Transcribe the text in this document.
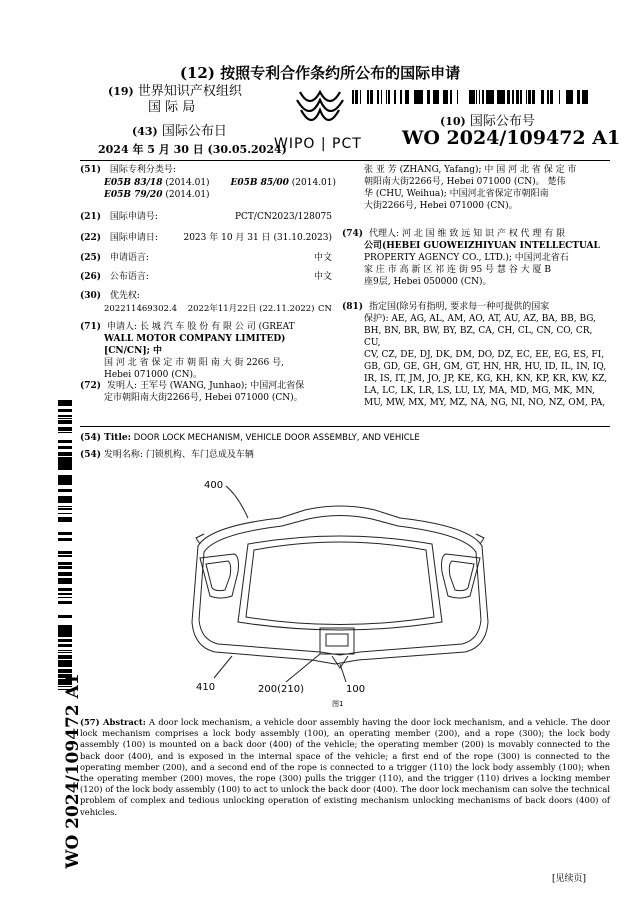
(12) 按照专利合作条约所公布的国际申请
(19) 世界知识产权组织
国 际 局
(43) 国际公布日
2024 年 5 月 30 日 (30.05.2024)
WIPO | PCT
(10) 国际公布号
WO 2024/109472 A1
(51) 国际专利分类号:
E05B 83/18 (2014.01) E05B 85/00 (2014.01)
E05B 79/20 (2014.01)
(21) 国际申请号:	PCT/CN2023/128075
(22) 国际申请日:	2023 年 10 月 31 日 (31.10.2023)
(25) 申请语言:	中文
(26) 公布语言:	中文
(30) 优先权:
202211469302.4 2022年11月22日 (22.11.2022) CN
(71) 申请人: 长 城 汽 车 股 份 有 限 公 司 (GREAT
WALL MOTOR COMPANY LIMITED) [CN/CN]; 中
国 河 北 省 保 定 市 朝 阳 南 大 街 2266 号,
Hebei 071000 (CN)。
(72) 发明人: 王军号 (WANG, Junhao); 中国河北省保
定市朝阳南大街2266号, Hebei 071000 (CN)。
张 亚 芳 (ZHANG, Yafang); 中 国 河 北 省 保 定 市
朝阳南大街2266号, Hebei 071000 (CN)。 楚伟
华 (CHU, Weihua); 中国河北省保定市朝阳南
大街2266号, Hebei 071000 (CN)。
(74) 代理人: 河 北 国 维 致 远 知 识 产 权 代 理 有 限
公司(HEBEI GUOWEIZHIYUAN INTELLECTUAL
PROPERTY AGENCY CO., LTD.); 中国河北省石
家 庄 市 高 新 区 祁 连 街 95 号 慧 谷 大 厦 B
座9层, Hebei 050000 (CN)。
(81) 指定国(除另有指明, 要求每一种可提供的国家
保护): AE, AG, AL, AM, AO, AT, AU, AZ, BA, BB, BG,
BH, BN, BR, BW, BY, BZ, CA, CH, CL, CN, CO, CR, CU,
CV, CZ, DE, DJ, DK, DM, DO, DZ, EC, EE, EG, ES, FI,
GB, GD, GE, GH, GM, GT, HN, HR, HU, ID, IL, IN, IQ,
IR, IS, IT, JM, JO, JP, KE, KG, KH, KN, KP, KR, KW, KZ,
LA, LC, LK, LR, LS, LU, LY, MA, MD, MG, MK, MN,
MU, MW, MX, MY, MZ, NA, NG, NI, NO, NZ, OM, PA,
(54) Title: DOOR LOCK MECHANISM, VEHICLE DOOR ASSEMBLY, AND VEHICLE
(54) 发明名称: 门锁机构、车门总成及车辆
400
410	200(210)	100
图1
(57) Abstract: A door lock mechanism, a vehicle door assembly having the door lock mechanism, and a vehicle. The door lock mechanism comprises a lock body assembly (100), an operating member (200), and a rope (300); the lock body assembly (100) is mounted on a back door (400) of the vehicle; the operating member (200) is movably connected to the back door (400), and is exposed in the internal space of the vehicle; a first end of the rope (300) is connected to the operating member (200), and a second end of the rope is connected to a trigger (110) the lock body assembly (100); when the operating member (200) moves, the rope (300) pulls the trigger (110), and the trigger (110) drives a locking member (120) of the lock body assembly (100) to act to unlock the back door (400). The door lock mechanism can solve the technical problem of complex and tedious unlocking operation of existing mechanism unlocking mechanisms of back doors (400) of vehicles.
WO 2024/109472 A1
[见续页]
